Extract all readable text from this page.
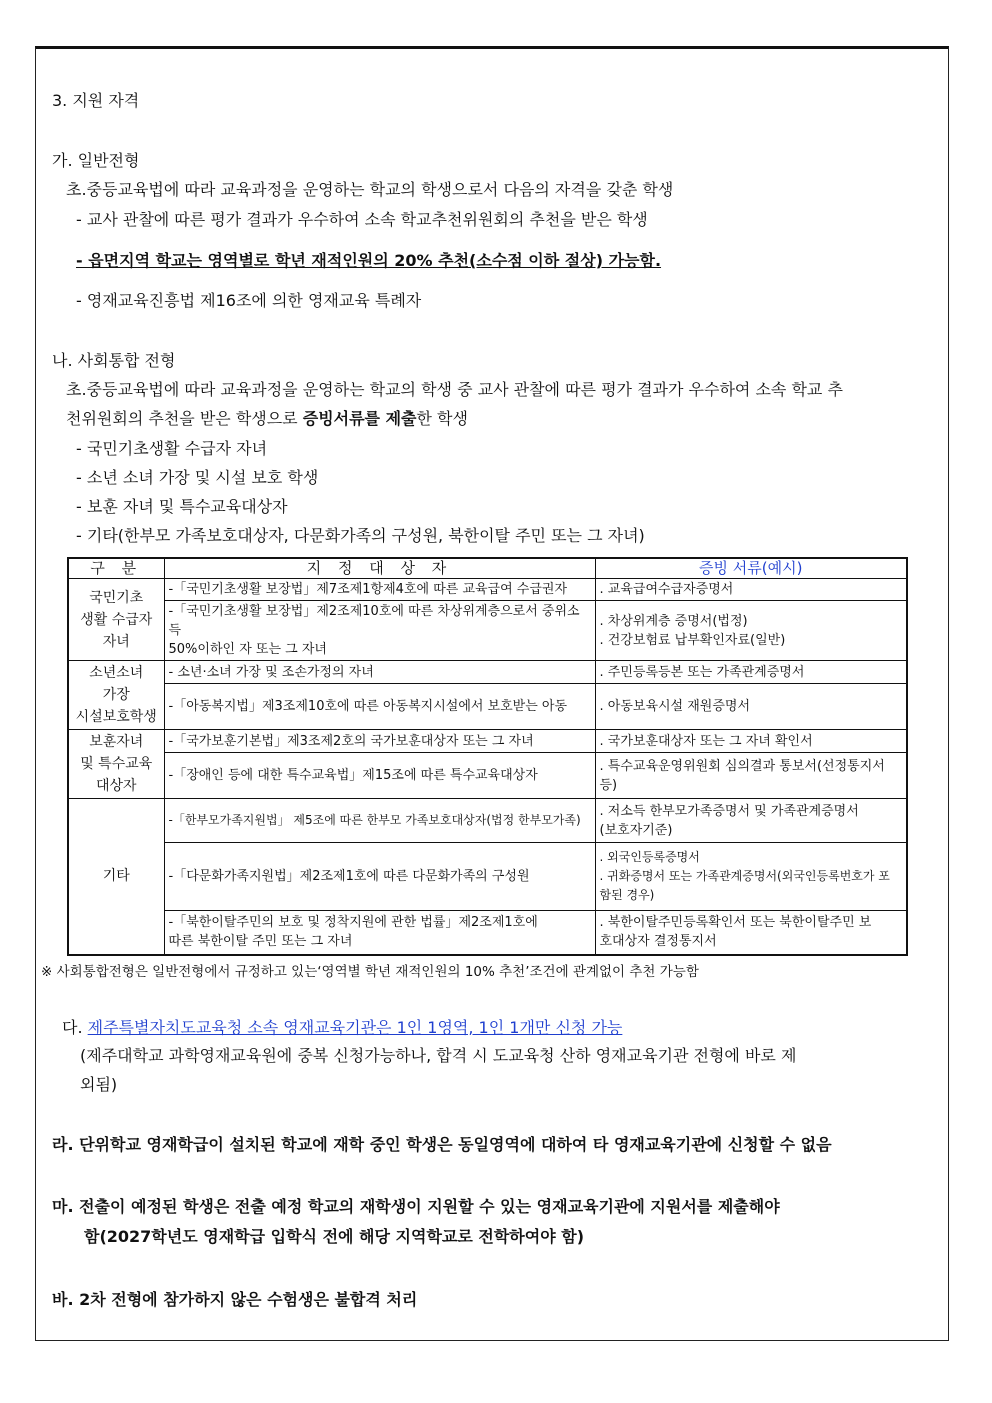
3. 지원 자격
가. 일반전형
초.중등교육법에 따라 교육과정을 운영하는 학교의 학생으로서 다음의 자격을 갖춘 학생
- 교사 관찰에 따른 평가 결과가 우수하여 소속 학교추천위원회의 추천을 받은 학생
- 읍면지역 학교는 영역별로 학년 재적인원의 20% 추천(소수점 이하 절상) 가능함.
- 영재교육진흥법 제16조에 의한 영재교육 특례자
나. 사회통합 전형
초.중등교육법에 따라 교육과정을 운영하는 학교의 학생 중 교사 관찰에 따른 평가 결과가 우수하여 소속 학교 추
천위원회의 추천을 받은 학생으로 증빙서류를 제출한 학생
- 국민기초생활 수급자 자녀
- 소년 소녀 가장 및 시설 보호 학생
- 보훈 자녀 및 특수교육대상자
- 기타(한부모 가족보호대상자, 다문화가족의 구성원, 북한이탈 주민 또는 그 자녀)
구 분	지 정 대 상 자	증빙 서류(예시)
국민기초
생활 수급자
자녀	-「국민기초생활 보장법」제7조제1항제4호에 따른 교육급여 수급권자	. 교육급여수급자증명서
	-「국민기초생활 보장법」제2조제10호에 따른 차상위계층으로서 중위소득
50%이하인 자 또는 그 자녀	. 차상위계층 증명서(법정)
. 건강보험료 납부확인자료(일반)
소년소녀
가장
시설보호학생	- 소년·소녀 가장 및 조손가정의 자녀	. 주민등록등본 또는 가족관계증명서
	-「아동복지법」제3조제10호에 따른 아동복지시설에서 보호받는 아동	. 아동보육시설 재원증명서
보훈자녀
및 특수교육
대상자	-「국가보훈기본법」제3조제2호의 국가보훈대상자 또는 그 자녀	. 국가보훈대상자 또는 그 자녀 확인서
	-「장애인 등에 대한 특수교육법」제15조에 따른 특수교육대상자	. 특수교육운영위원회 심의결과 통보서(선정통지서
등)
기타	-「한부모가족지원법」 제5조에 따른 한부모 가족보호대상자(법정 한부모가족)	. 저소득 한부모가족증명서 및 가족관계증명서
(보호자기준)
	-「다문화가족지원법」제2조제1호에 따른 다문화가족의 구성원	. 외국인등록증명서
. 귀화증명서 또는 가족관계증명서(외국인등록번호가 포
함된 경우)
	-「북한이탈주민의 보호 및 정착지원에 관한 법률」제2조제1호에
따른 북한이탈 주민 또는 그 자녀	. 북한이탈주민등록확인서 또는 북한이탈주민 보
호대상자 결정통지서
※ 사회통합전형은 일반전형에서 규정하고 있는‘영역별 학년 재적인원의 10% 추천’조건에 관계없이 추천 가능함
다. 제주특별자치도교육청 소속 영재교육기관은 1인 1영역, 1인 1개만 신청 가능
(제주대학교 과학영재교육원에 중복 신청가능하나, 합격 시 도교육청 산하 영재교육기관 전형에 바로 제
외됨)
라. 단위학교 영재학급이 설치된 학교에 재학 중인 학생은 동일영역에 대하여 타 영재교육기관에 신청할 수 없음
마. 전출이 예정된 학생은 전출 예정 학교의 재학생이 지원할 수 있는 영재교육기관에 지원서를 제출해야
함(2027학년도 영재학급 입학식 전에 해당 지역학교로 전학하여야 함)
바. 2차 전형에 참가하지 않은 수험생은 불합격 처리
